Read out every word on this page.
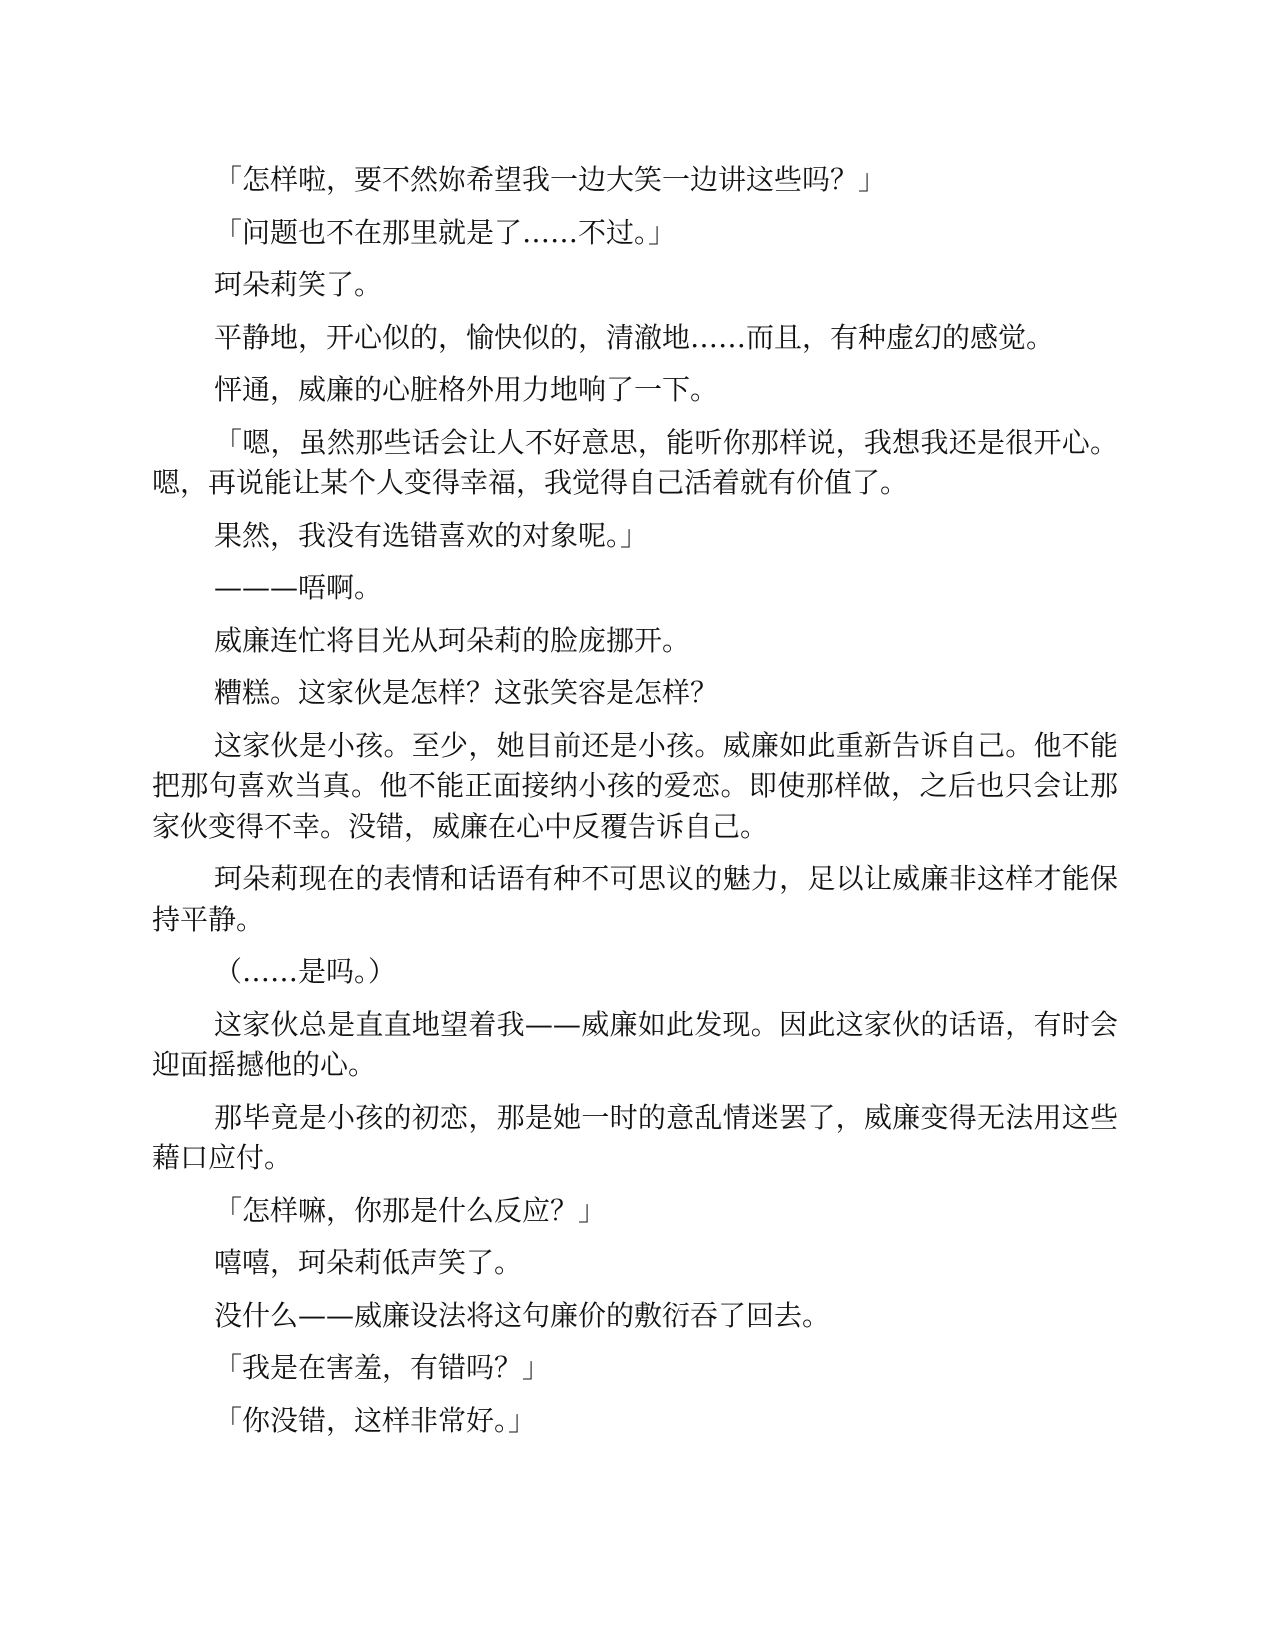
「怎样啦，要不然妳希望我一边大笑一边讲这些吗？」

「问题也不在那里就是了……不过。」

珂朵莉笑了。

平静地，开心似的，愉快似的，清澈地……而且，有种虚幻的感觉。

怦通，威廉的心脏格外用力地响了一下。

「嗯，虽然那些话会让人不好意思，能听你那样说，我想我还是很开心。嗯，再说能让某个人变得幸福，我觉得自己活着就有价值了。

果然，我没有选错喜欢的对象呢。」

———唔啊。

威廉连忙将目光从珂朵莉的脸庞挪开。

糟糕。这家伙是怎样？这张笑容是怎样？

这家伙是小孩。至少，她目前还是小孩。威廉如此重新告诉自己。他不能把那句喜欢当真。他不能正面接纳小孩的爱恋。即使那样做，之后也只会让那家伙变得不幸。没错，威廉在心中反覆告诉自己。

珂朵莉现在的表情和话语有种不可思议的魅力，足以让威廉非这样才能保持平静。

（……是吗。）

这家伙总是直直地望着我——威廉如此发现。因此这家伙的话语，有时会迎面摇撼他的心。

那毕竟是小孩的初恋，那是她一时的意乱情迷罢了，威廉变得无法用这些藉口应付。

「怎样嘛，你那是什么反应？」

嘻嘻，珂朵莉低声笑了。

没什么——威廉设法将这句廉价的敷衍吞了回去。

「我是在害羞，有错吗？」

「你没错，这样非常好。」
